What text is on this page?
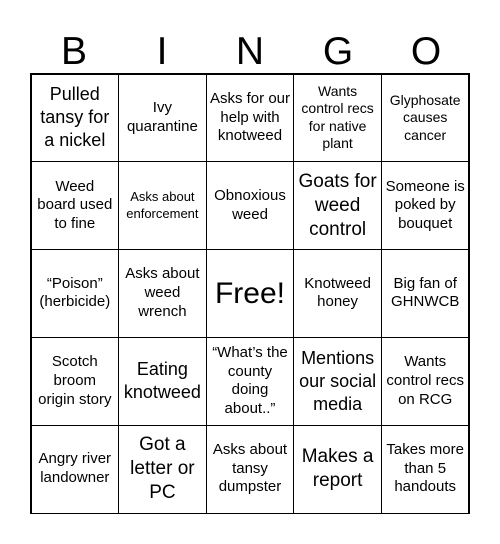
B	I	N	G	O
Pulled tansy for a nickel
Ivy quarantine
Asks for our help with knotweed
Wants control recs for native plant
Glyphosate causes cancer
Weed board used to fine
Asks about enforcement
Obnoxious weed
Goats for weed control
Someone is poked by bouquet
“Poison” (herbicide)
Asks about weed wrench
Free!	Knotweed honey
Big fan of GHNWCB
Scotch broom origin story
Eating knotweed
“What’s the county doing about..”
Mentions our social media
Wants control recs on RCG
Angry river landowner
Got a letter or PC
Asks about tansy dumpster
Makes a report
Takes more than 5 handouts
